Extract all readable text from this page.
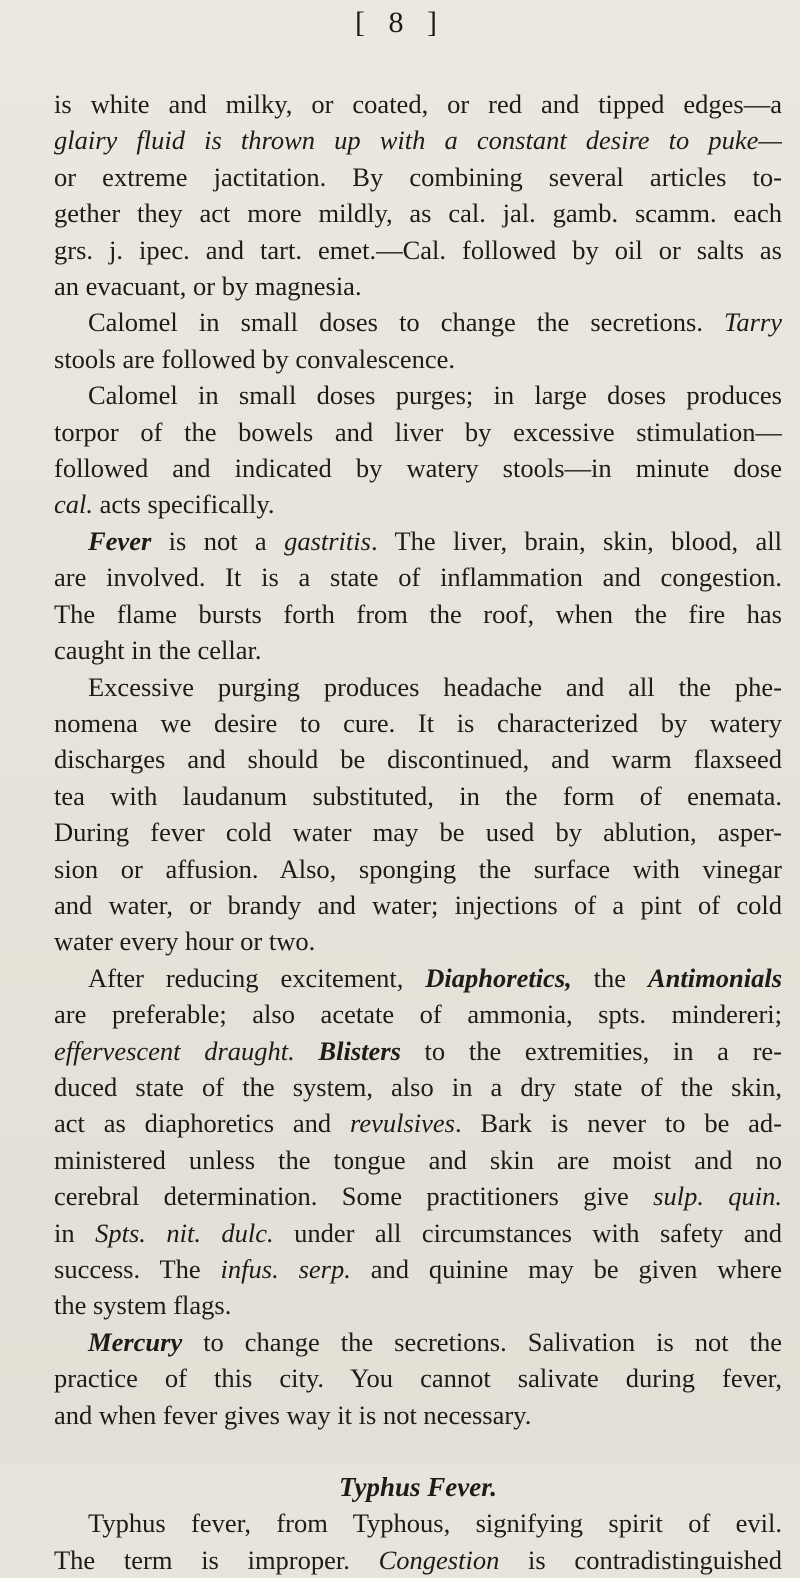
[ 8 ]
is white and milky, or coated, or red and tipped edges—a
glairy fluid is thrown up with a constant desire to puke—
or extreme jactitation. By combining several articles to-
gether they act more mildly, as cal. jal. gamb. scamm. each
grs. j. ipec. and tart. emet.—Cal. followed by oil or salts as
an evacuant, or by magnesia.
Calomel in small doses to change the secretions. Tarry
stools are followed by convalescence.
Calomel in small doses purges; in large doses produces
torpor of the bowels and liver by excessive stimulation—
followed and indicated by watery stools—in minute dose
cal. acts specifically.
Fever is not a gastritis. The liver, brain, skin, blood, all
are involved. It is a state of inflammation and congestion.
The flame bursts forth from the roof, when the fire has
caught in the cellar.
Excessive purging produces headache and all the phe-
nomena we desire to cure. It is characterized by watery
discharges and should be discontinued, and warm flaxseed
tea with laudanum substituted, in the form of enemata.
During fever cold water may be used by ablution, asper-
sion or affusion. Also, sponging the surface with vinegar
and water, or brandy and water; injections of a pint of cold
water every hour or two.
After reducing excitement, Diaphoretics, the Antimonials
are preferable; also acetate of ammonia, spts. mindereri;
effervescent draught. Blisters to the extremities, in a re-
duced state of the system, also in a dry state of the skin,
act as diaphoretics and revulsives. Bark is never to be ad-
ministered unless the tongue and skin are moist and no
cerebral determination. Some practitioners give sulp. quin.
in Spts. nit. dulc. under all circumstances with safety and
success. The infus. serp. and quinine may be given where
the system flags.
Mercury to change the secretions. Salivation is not the
practice of this city. You cannot salivate during fever,
and when fever gives way it is not necessary.
Typhus Fever.
Typhus fever, from Typhous, signifying spirit of evil.
The term is improper. Congestion is contradistinguished
